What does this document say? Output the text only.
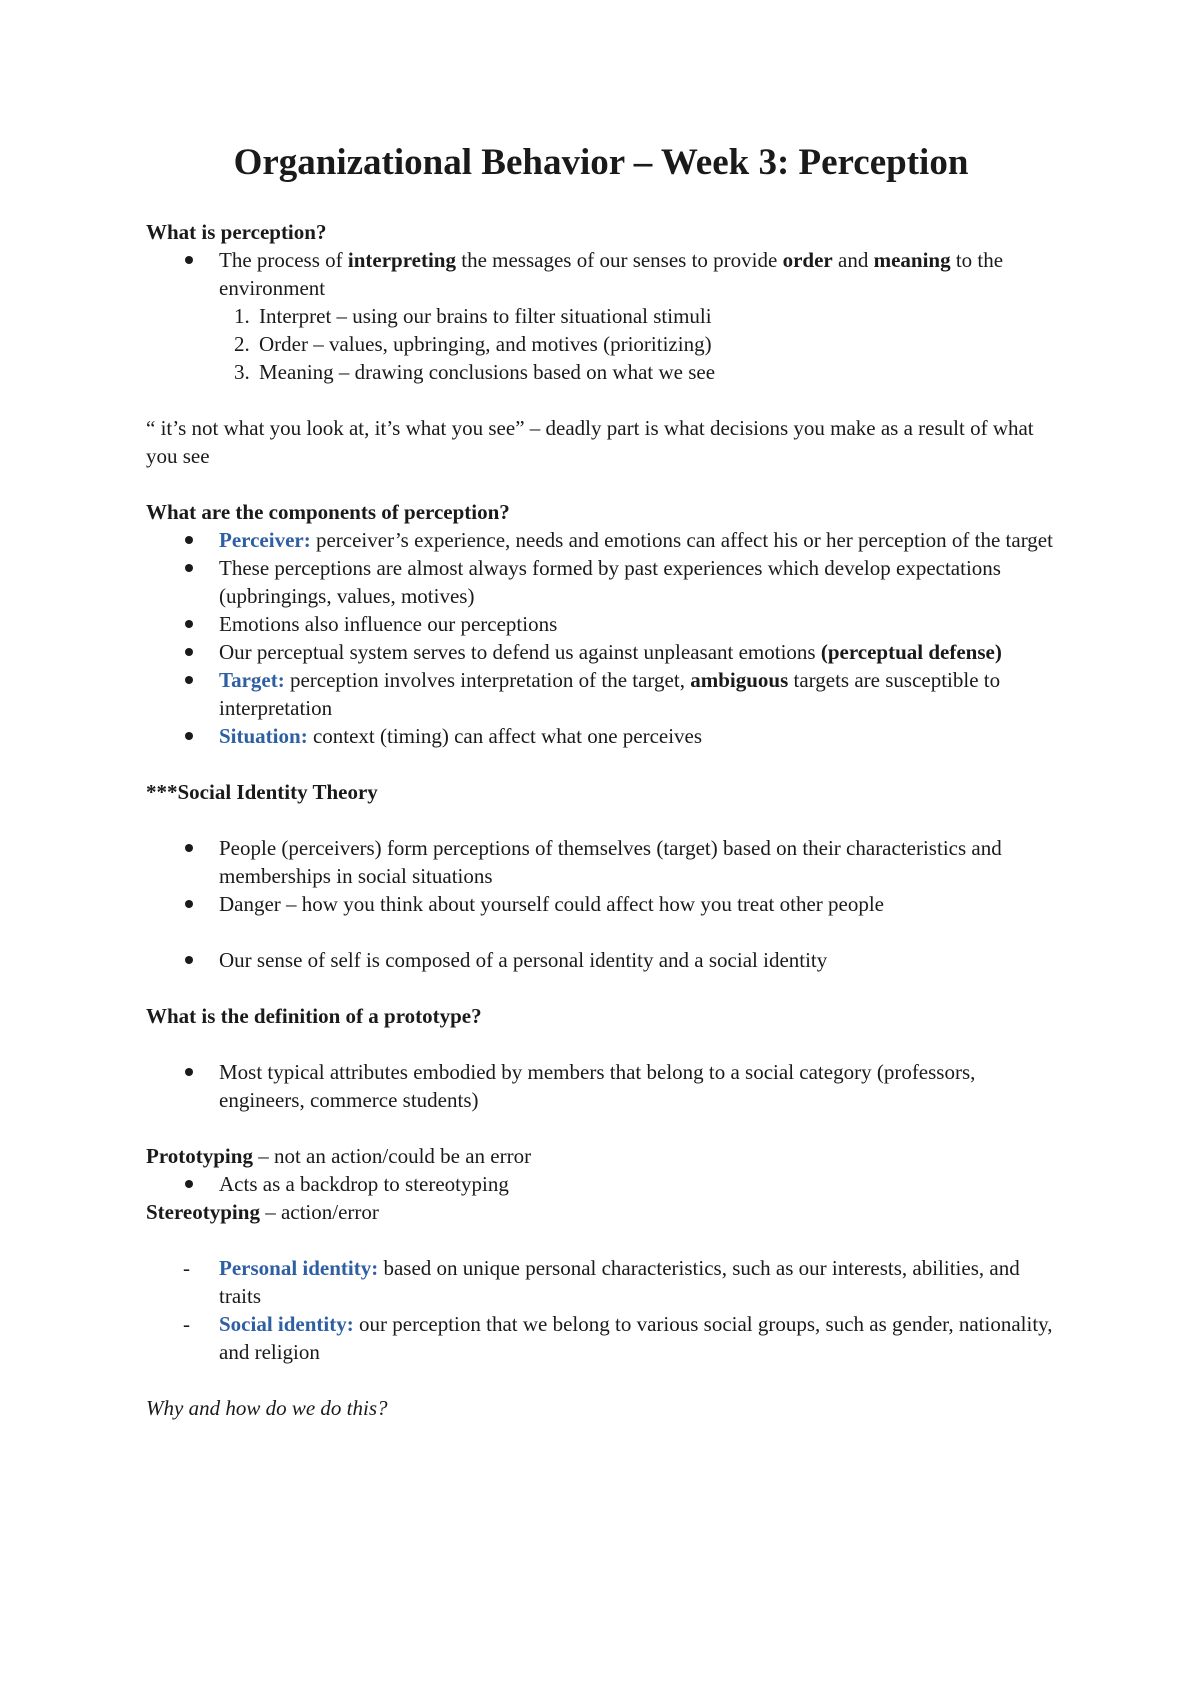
Organizational Behavior – Week 3: Perception

What is perception?

The process of interpreting the messages of our senses to provide order and meaning to the environment
1. Interpret – using our brains to filter situational stimuli
2. Order – values, upbringing, and motives (prioritizing)
3. Meaning – drawing conclusions based on what we see

“ it’s not what you look at, it’s what you see” – deadly part is what decisions you make as a result of what you see

What are the components of perception?

Perceiver: perceiver’s experience, needs and emotions can affect his or her perception of the target
These perceptions are almost always formed by past experiences which develop expectations (upbringings, values, motives)
Emotions also influence our perceptions
Our perceptual system serves to defend us against unpleasant emotions (perceptual defense)
Target: perception involves interpretation of the target, ambiguous targets are susceptible to interpretation
Situation: context (timing) can affect what one perceives

***Social Identity Theory

People (perceivers) form perceptions of themselves (target) based on their characteristics and memberships in social situations
Danger – how you think about yourself could affect how you treat other people
Our sense of self is composed of a personal identity and a social identity

What is the definition of a prototype?

Most typical attributes embodied by members that belong to a social category (professors, engineers, commerce students)

Prototyping – not an action/could be an error

Acts as a backdrop to stereotyping

Stereotyping – action/error

- Personal identity: based on unique personal characteristics, such as our interests, abilities, and traits
- Social identity: our perception that we belong to various social groups, such as gender, nationality, and religion

Why and how do we do this?
